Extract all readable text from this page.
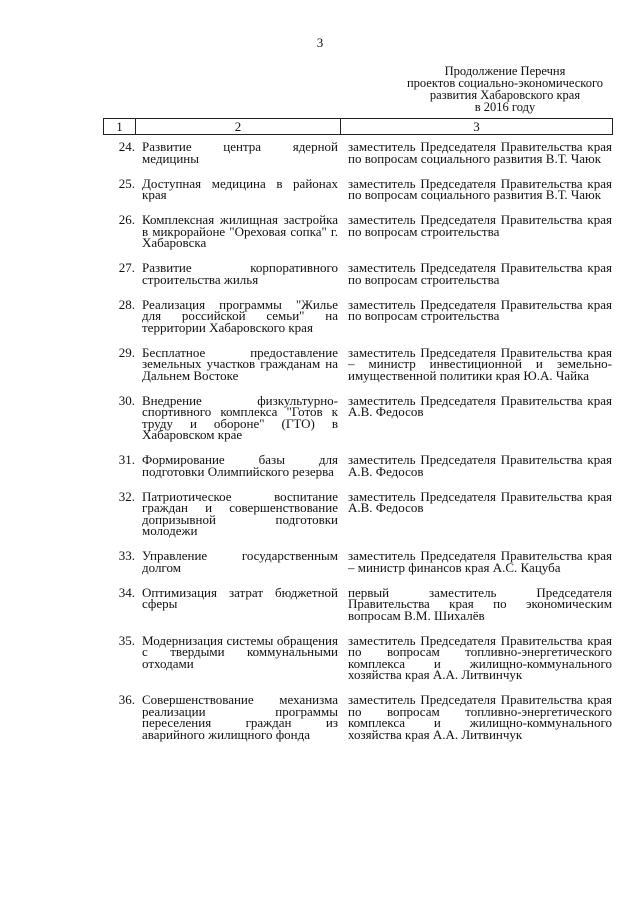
3
Продолжение Перечня
проектов социально-экономического
развития Хабаровского края
в 2016 году
1	2	3
24. Развитие центра ядерной медицины
заместитель Председателя Правительства края по вопросам социального развития В.Т. Чаюк
25. Доступная медицина в районах края
заместитель Председателя Правительства края по вопросам социального развития В.Т. Чаюк
26. Комплексная жилищная застройка в микрорайоне "Ореховая сопка" г. Хабаровска
заместитель Председателя Правительства края по вопросам строительства
27. Развитие корпоративного строительства жилья
заместитель Председателя Правительства края по вопросам строительства
28. Реализация программы "Жилье для российской семьи" на территории Хабаровского края
заместитель Председателя Правительства края по вопросам строительства
29. Бесплатное предоставление земельных участков гражданам на Дальнем Востоке
заместитель Председателя Правительства края – министр инвестиционной и земельно-имущественной политики края Ю.А. Чайка
30. Внедрение физкультурно-спортивного комплекса "Готов к труду и обороне" (ГТО) в Хабаровском крае
заместитель Председателя Правительства края А.В. Федосов
31. Формирование базы для подготовки Олимпийского резерва
заместитель Председателя Правительства края А.В. Федосов
32. Патриотическое воспитание граждан и совершенствование допризывной подготовки молодежи
заместитель Председателя Правительства края А.В. Федосов
33. Управление государственным долгом
заместитель Председателя Правительства края – министр финансов края А.С. Кацуба
34. Оптимизация затрат бюджетной сферы
первый заместитель Председателя Правительства края по экономическим вопросам В.М. Шихалёв
35. Модернизация системы обращения с твердыми коммунальными отходами
заместитель Председателя Правительства края по вопросам топливно-энергетического комплекса и жилищно-коммунального хозяйства края А.А. Литвинчук
36. Совершенствование механизма реализации программы переселения граждан из аварийного жилищного фонда
заместитель Председателя Правительства края по вопросам топливно-энергетического комплекса и жилищно-коммунального хозяйства края А.А. Литвинчук
